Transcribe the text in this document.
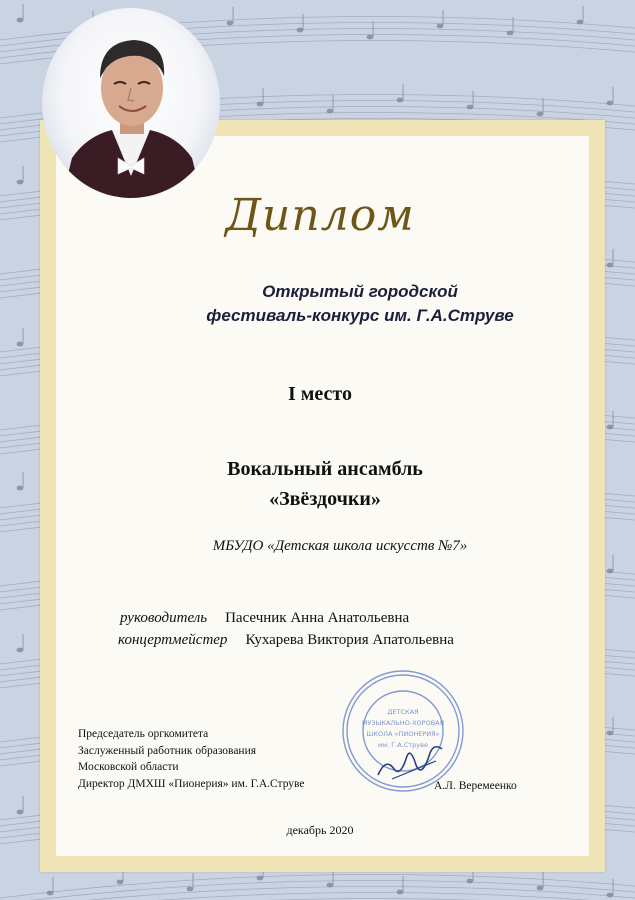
Диплом
Открытый городской
фестиваль-конкурс им. Г.А.Струве
I место
Вокальный ансамбль
«Звёздочки»
МБУДО «Детская школа искусств №7»
руководитель Пасечник Анна Анатольевна
концертмейстер Кухарева Виктория Апатольевна
ДЕТСКАЯ
МУЗЫКАЛЬНО-ХОРОВАЯ
ШКОЛА «ПИОНЕРИЯ»
им. Г.А.Струве
Председатель оргкомитета
Заслуженный работник образования
Московской области
Директор ДМХШ «Пионерия» им. Г.А.Струве	А.Л. Веремеенко
декабрь 2020
